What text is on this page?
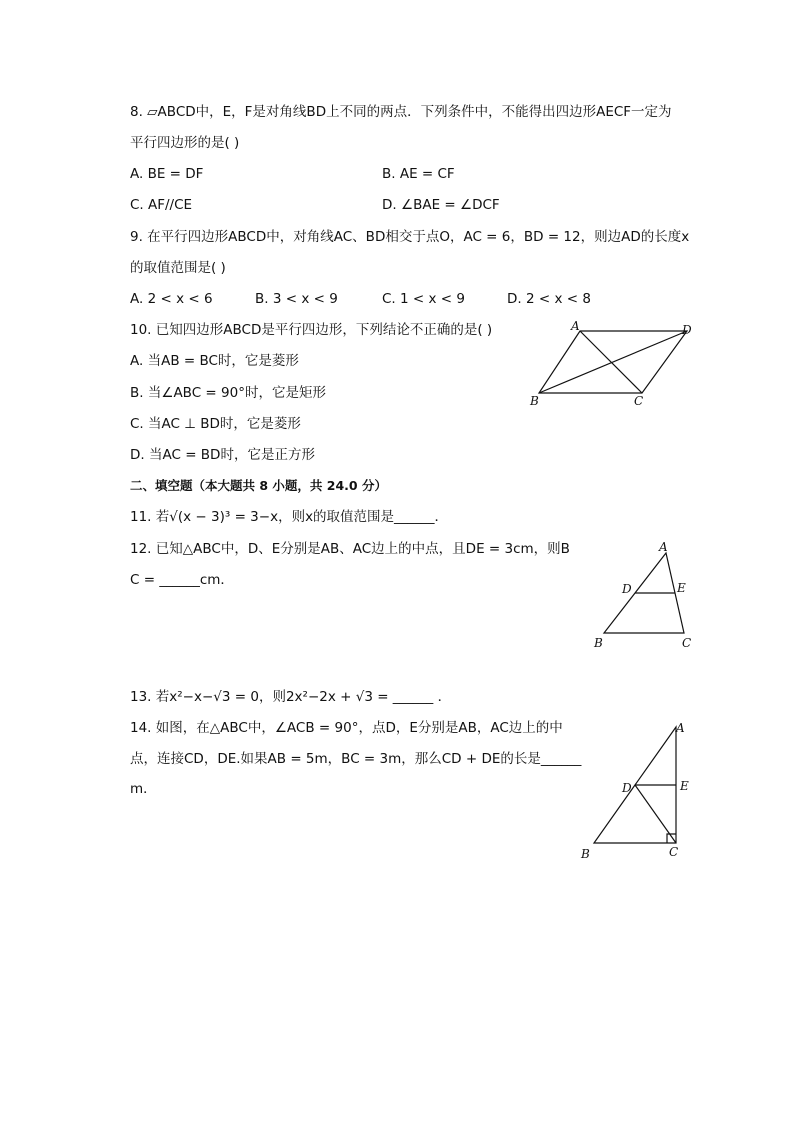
8. ▱ABCD中，E，F是对角线BD上不同的两点．下列条件中，不能得出四边形AECF一定为
平行四边形的是( )
A. BE = DF	B. AE = CF
C. AF//CE	D. ∠BAE = ∠DCF
9. 在平行四边形ABCD中，对角线AC、BD相交于点O，AC = 6，BD = 12，则边AD的长度x
的取值范围是( )
A. 2 < x < 6	B. 3 < x < 9	C. 1 < x < 9	D. 2 < x < 8
10. 已知四边形ABCD是平行四边形，下列结论不正确的是( )
A. 当AB = BC时，它是菱形
B. 当∠ABC = 90°时，它是矩形
C. 当AC ⊥ BD时，它是菱形
D. 当AC = BD时，它是正方形
A	D
B	C
二、填空题（本大题共 8 小题，共 24.0 分）
11. 若√(x − 3)³ = 3−x，则x的取值范围是______．
12. 已知△ABC中，D、E分别是AB、AC边上的中点，且DE = 3cm，则B
C = ______cm．
A
D	E
B	C
13. 若x²−x−√3 = 0，则2x²−2x + √3 = ______ ．
14. 如图，在△ABC中，∠ACB = 90°，点D，E分别是AB，AC边上的中
点，连接CD，DE.如果AB = 5m，BC = 3m，那么CD + DE的长是______
m．
A
D	E
B	C
